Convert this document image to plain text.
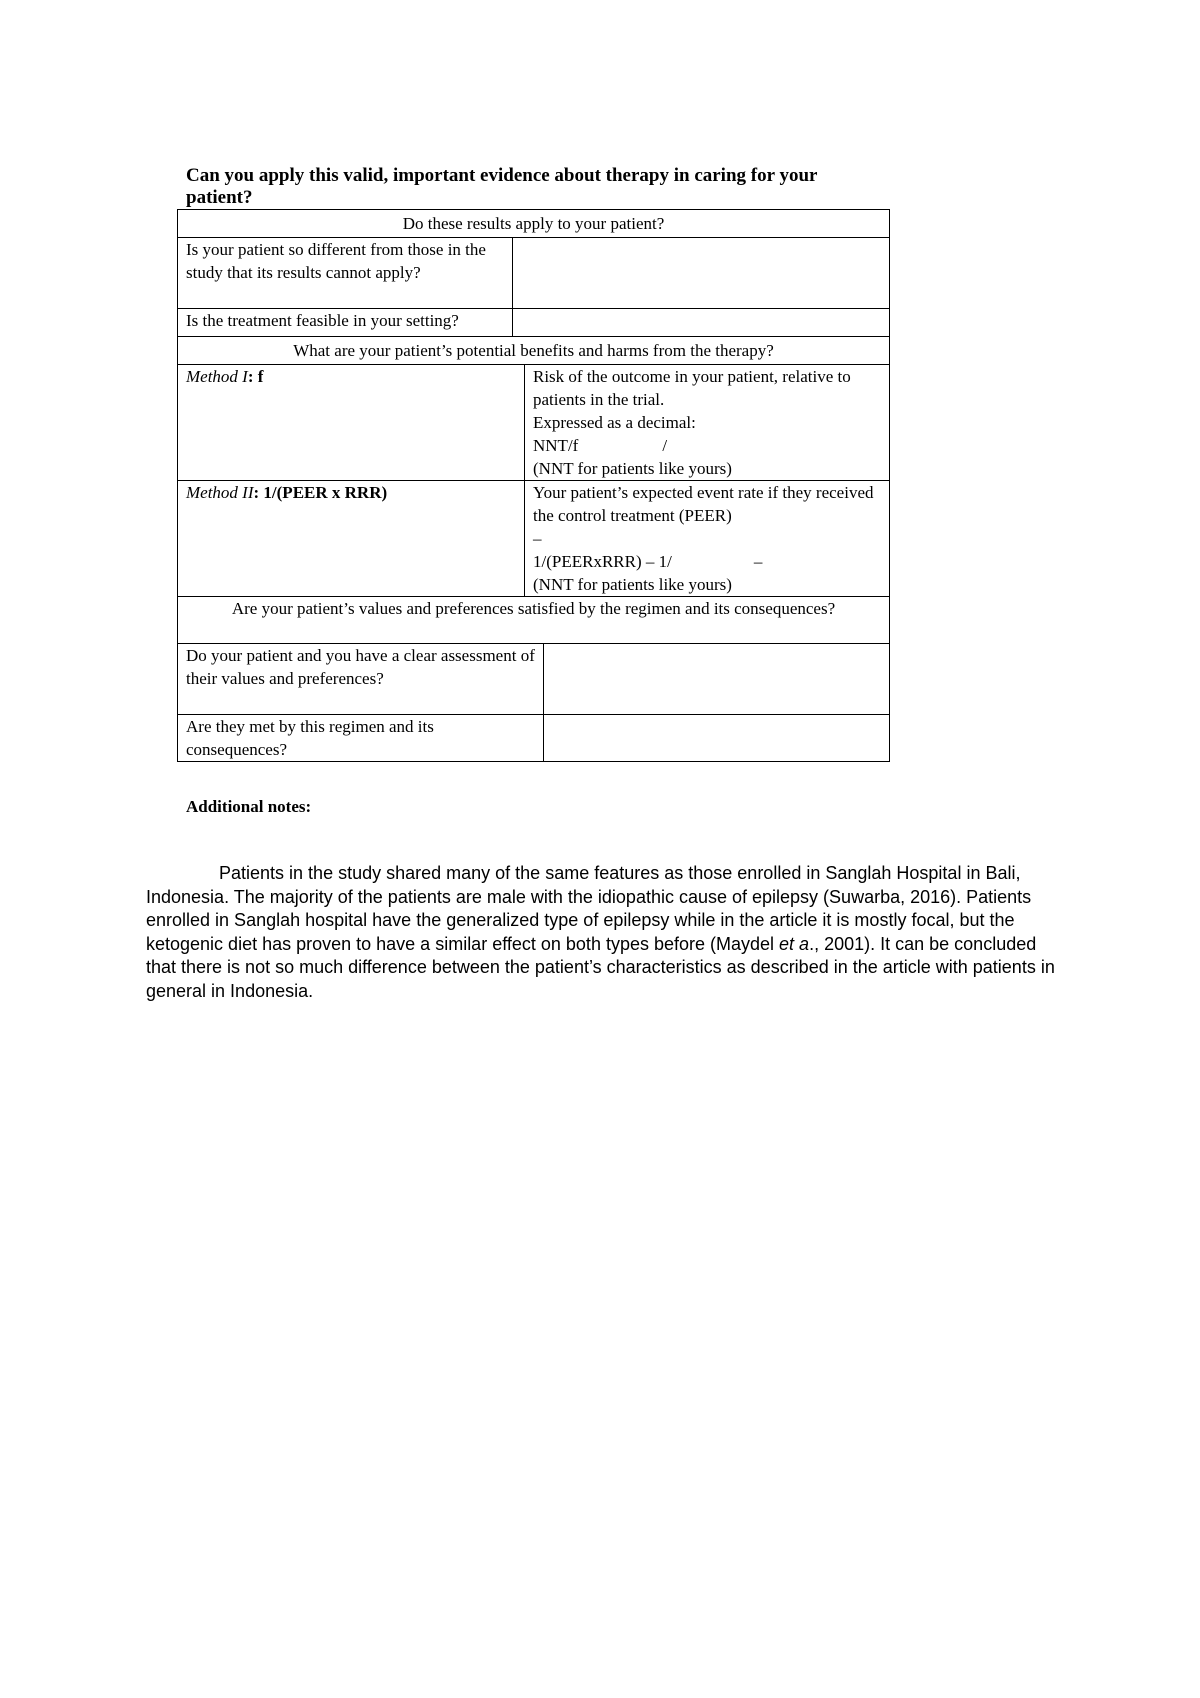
Can you apply this valid, important evidence about therapy in caring for your patient?
Do these results apply to your patient?			
Is your patient so different from those in the study that its results cannot apply?			
Is the treatment feasible in your setting?			
What are your patient’s potential benefits and harms from the therapy?			
Method I: f		Risk of the outcome in your patient, relative to patients in the trial.
Expressed as a decimal:
NNT/f /
(NNT for patients like yours)	

Method II: 1/(PEER x RRR)		Your patient’s expected event rate if they received the control treatment (PEER)
–
1/(PEERxRRR) – 1/ –
(NNT for patients like yours)	

Are your patient’s values and preferences satisfied by the regimen and its consequences?			
Do your patient and you have a clear assessment of their values and preferences?			
Are they met by this regimen and its consequences?			
Additional notes:
Patients in the study shared many of the same features as those enrolled in Sanglah Hospital in Bali, Indonesia. The majority of the patients are male with the idiopathic cause of epilepsy (Suwarba, 2016). Patients enrolled in Sanglah hospital have the generalized type of epilepsy while in the article it is mostly focal, but the ketogenic diet has proven to have a similar effect on both types before (Maydel et a., 2001). It can be concluded that there is not so much difference between the patient’s characteristics as described in the article with patients in general in Indonesia.
